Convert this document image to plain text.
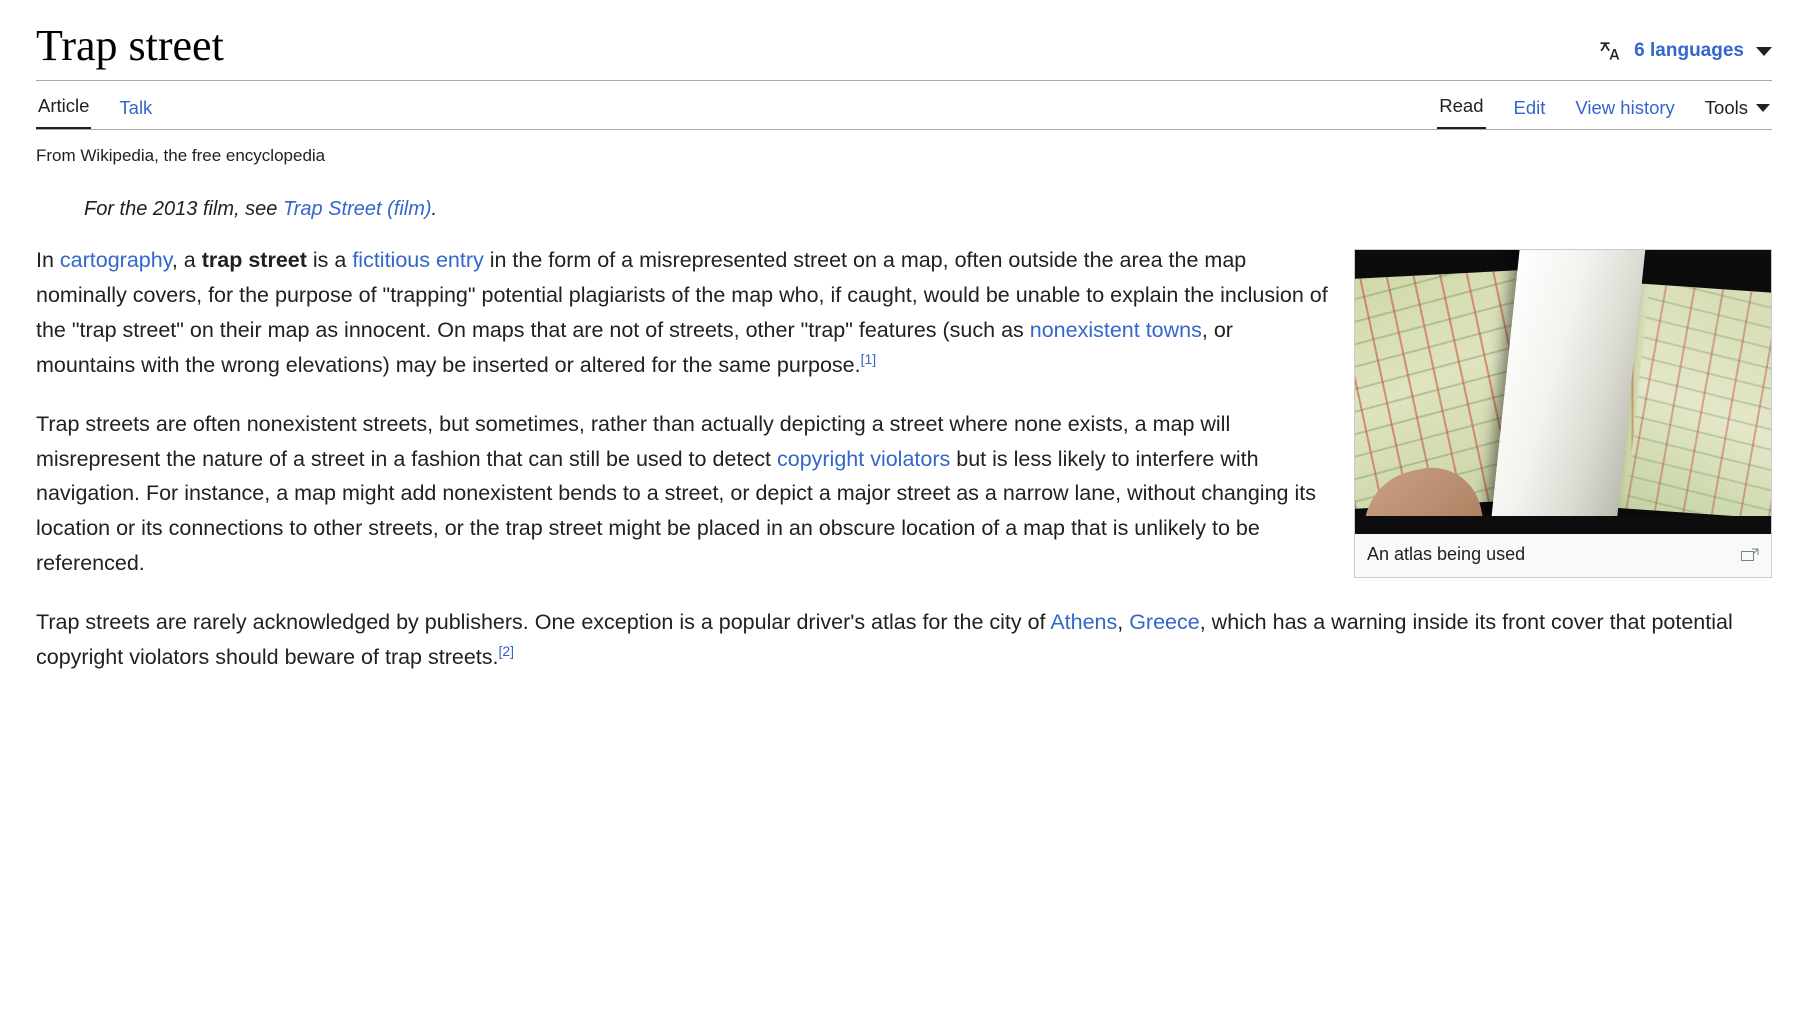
Trap street	6 languages
Article Talk	Read Edit View history Tools
From Wikipedia, the free encyclopedia
For the 2013 film, see Trap Street (film).
An atlas being used

In cartography, a trap street is a fictitious entry in the form of a misrepresented street on a map, often outside the area the map nominally covers, for the purpose of "trapping" potential plagiarists of the map who, if caught, would be unable to explain the inclusion of the "trap street" on their map as innocent. On maps that are not of streets, other "trap" features (such as nonexistent towns, or mountains with the wrong elevations) may be inserted or altered for the same purpose.[1]

Trap streets are often nonexistent streets, but sometimes, rather than actually depicting a street where none exists, a map will misrepresent the nature of a street in a fashion that can still be used to detect copyright violators but is less likely to interfere with navigation. For instance, a map might add nonexistent bends to a street, or depict a major street as a narrow lane, without changing its location or its connections to other streets, or the trap street might be placed in an obscure location of a map that is unlikely to be referenced.

Trap streets are rarely acknowledged by publishers. One exception is a popular driver's atlas for the city of Athens, Greece, which has a warning inside its front cover that potential copyright violators should beware of trap streets.[2]
